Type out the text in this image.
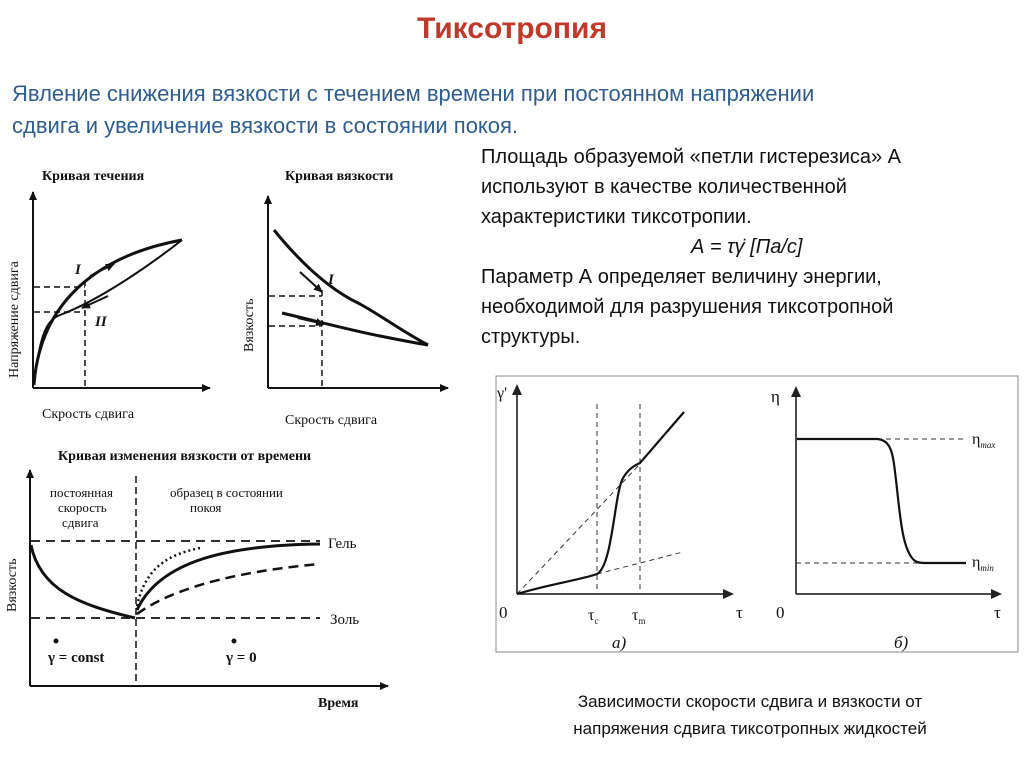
Тиксотропия
Явление снижения вязкости с течением времени при постоянном напряжении
сдвига и увеличение вязкости в состоянии покоя.
Площадь образуемой «петли гистерезиса» А
используют в качестве количественной
характеристики тиксотропии.
А = τγ̇ [Па/с]
Параметр А определяет величину энергии,
необходимой для разрушения тиксотропной
структуры.
Кривая течения
Напряжение сдвига
Скрость сдвига
I
II
Кривая вязкости
Вязкость
Скрость сдвига
I
Кривая изменения вязкости от времени
Вязкость
Время
постоянная
скорость
сдвига
образец в состоянии
покоя
Гель
Золь
γ = const	γ = 0
γ'
0	τ
$\tau_c$ $\tau_m$
а)
η
0	τ
$\eta_{max}$
$\eta_{min}$
б)
Зависимости скорости сдвига и вязкости от
напряжения сдвига тиксотропных жидкостей
